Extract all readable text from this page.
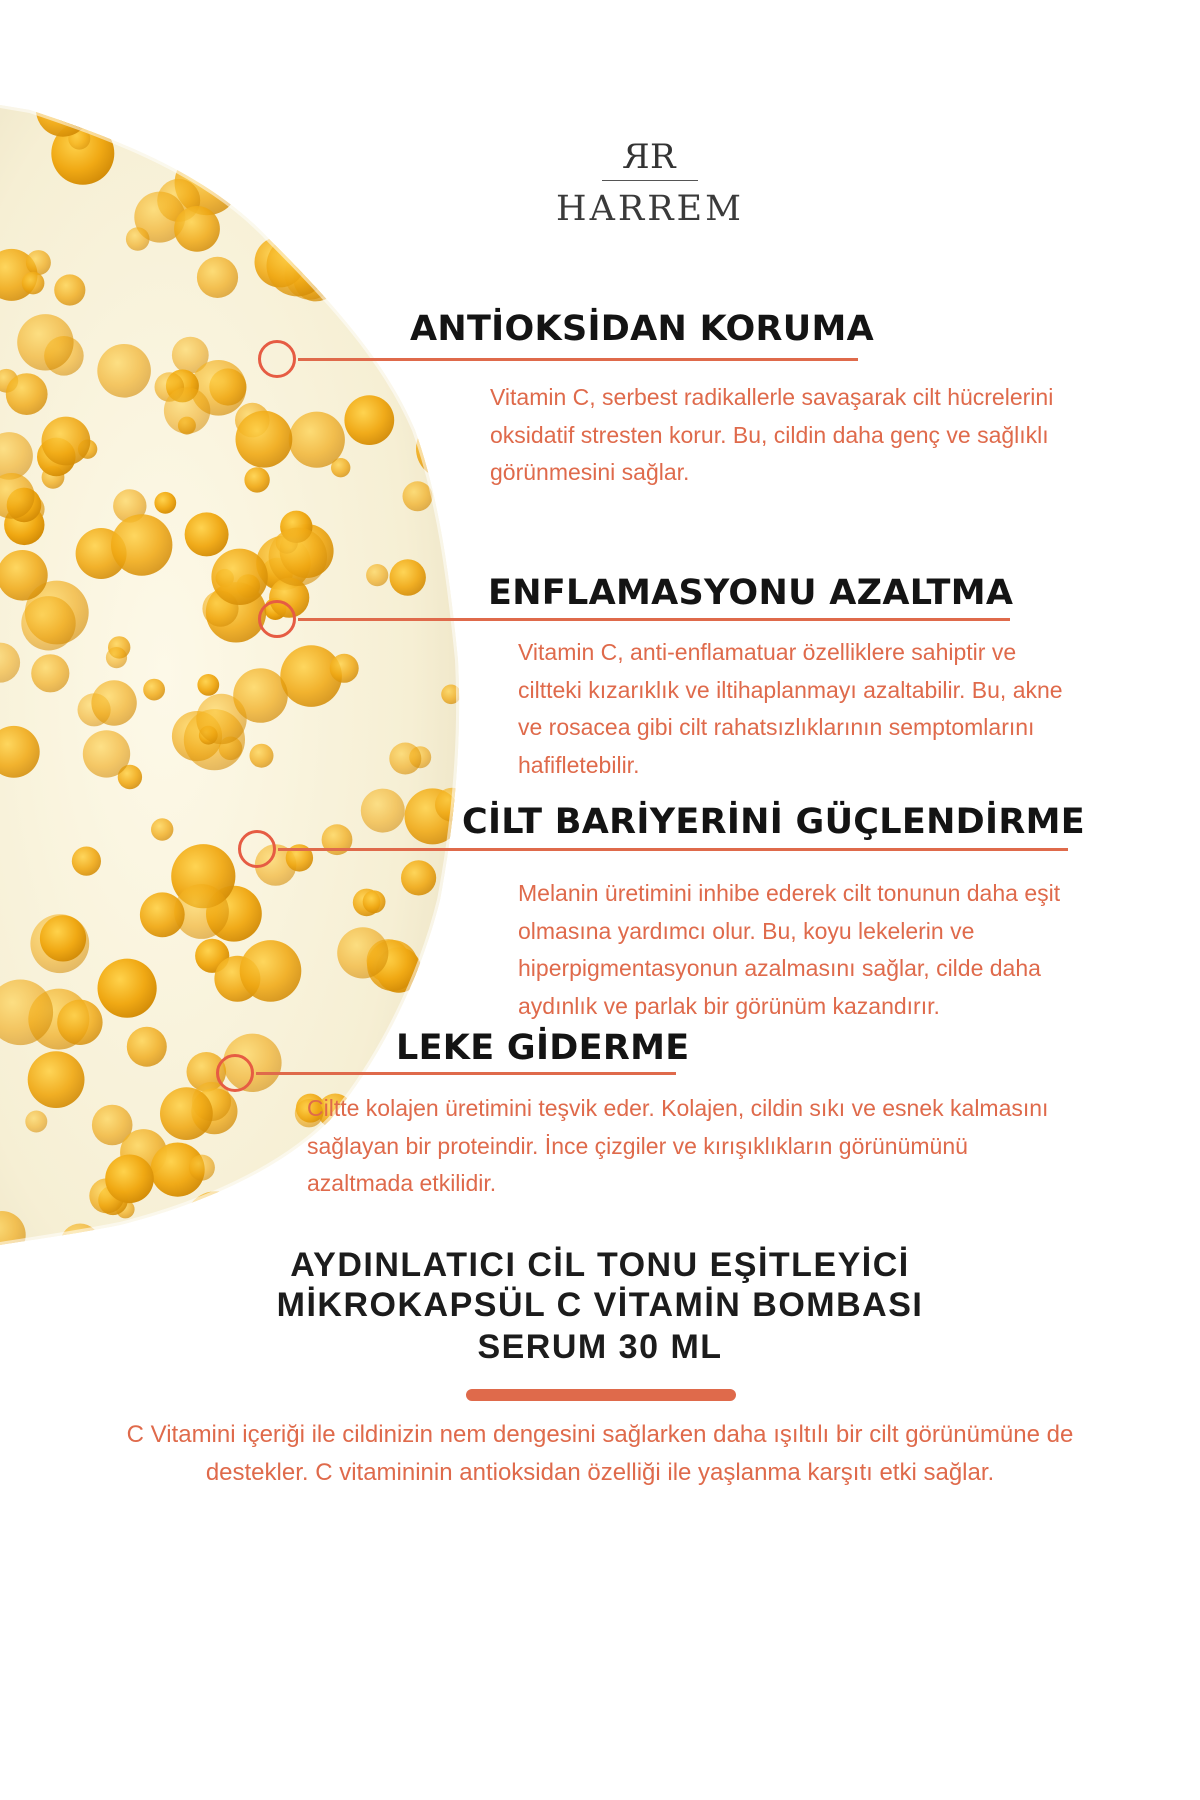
RR
HARREM
ANTİOKSİDAN KORUMA

Vitamin C, serbest radikallerle savaşarak cilt hücrelerini
oksidatif stresten korur. Bu, cildin daha genç ve sağlıklı
görünmesini sağlar.

ENFLAMASYONU AZALTMA

Vitamin C, anti-enflamatuar özelliklere sahiptir ve
ciltteki kızarıklık ve iltihaplanmayı azaltabilir. Bu, akne
ve rosacea gibi cilt rahatsızlıklarının semptomlarını
hafifletebilir.

CİLT BARİYERİNİ GÜÇLENDİRME

Melanin üretimini inhibe ederek cilt tonunun daha eşit
olmasına yardımcı olur. Bu, koyu lekelerin ve
hiperpigmentasyonun azalmasını sağlar, cilde daha
aydınlık ve parlak bir görünüm kazandırır.

LEKE GİDERME

Ciltte kolajen üretimini teşvik eder. Kolajen, cildin sıkı ve esnek kalmasını
sağlayan bir proteindir. İnce çizgiler ve kırışıklıkların görünümünü
azaltmada etkilidir.

AYDINLATICI CİL TONU EŞİTLEYİCİ
MİKROKAPSÜL C VİTAMİN BOMBASI
SERUM 30 ML

C Vitamini içeriği ile cildinizin nem dengesini sağlarken daha ışıltılı bir cilt görünümüne de
destekler. C vitamininin antioksidan özelliği ile yaşlanma karşıtı etki sağlar.
